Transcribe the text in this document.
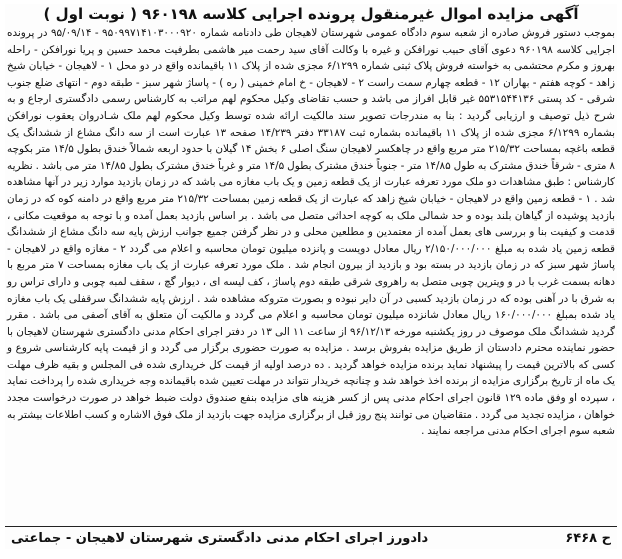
آگهی مزایده اموال غیرمنقول پرونده اجرایی کلاسه ۹۶۰۱۹۸ ( نوبت اول )

بموجب دستور فروش صادره از شعبه سوم دادگاه عمومی شهرستان لاهیجان طی دادنامه شماره ۹۵۰۹۹۷۱۴۱۰۳۰۰۰۹۲۰ - ۹۵/۰۹/۱۴ در پرونده اجرایی کلاسه ۹۶۰۱۹۸ دعوی آقای حبیب نورافکن و غیره با وکالت آقای سید رحمت میر هاشمی بطرفیت محمد حسین و پریا نورافکن - راحله بهروز و مکرم محتشمی به خواسته فروش پلاک ثبتی شماره ۶/۱۲۹۹ مجزی شده از پلاک ۱۱ باقیمانده واقع در دو محل ۱ - لاهیجان - خیابان شیخ زاهد - کوچه هفتم - بهاران ۱۲ - قطعه چهارم سمت راست ۲ - لاهیجان - خ امام خمینی ( ره ) - پاساژ شهر سبز - طبقه دوم - انتهای ضلع جنوب شرقی - کد پستی ۵۵۳۱۵۴۴۱۳۶ غیر قابل افراز می باشد و حسب تقاضای وکیل محکوم لهم مراتب به کارشناس رسمی دادگستری ارجاع و به شرح ذیل توصیف و ارزیابی گردید : بنا به مندرجات تصویر سند مالکیت ارائه شده توسط وکیل محکوم لهم ملک شـادروان یعقوب نورافکن بشماره ۶/۱۲۹۹ مجزی شده از پلاک ۱۱ باقیمانده بشماره ثبت ۳۳۱۸۷ دفتر ۱۴/۲۳۹ صفحه ۱۳ عبارت است از سه دانگ مشاع از ششدانگ یک قطعه باغچه بمساحت ۲۱۵/۳۲ متر مربع واقع در چاهکسر لاهیجان سنگ اصلی ۶ بخش ۱۴ گیلان با حدود اربعه شمالاً خندق بطول ۱۴/۵ متر بکوچه ۸ متری - شرقاً خندق مشترک به طول ۱۴/۸۵ متر - جنوباً خندق مشترک بطول ۱۴/۵ متر و غرباً خندق مشترک بطول ۱۴/۸۵ متر می باشد . نظریه کارشناس : طبق مشاهدات دو ملک مورد تعرفه عبارت از یک قطعه زمین و یک باب مغازه می باشد که در زمان بازدید موارد زیر در آنها مشاهده شد . ۱ - قطعه زمین واقع در لاهیجان - خیابان شیخ زاهد که عبارت از یک قطعه زمین بمساحت ۲۱۵/۳۲ متر مربع واقع در دامنه کوه که در زمان بازدید پوشیده از گیاهان بلند بوده و حد شمالی ملک به کوچه احداثی متصل می باشد . بر اساس بازدید بعمل آمده و با توجه به موقعیت مکانی ، قدمت و کیفیت بنا و بررسی های بعمل آمده از معتمدین و مطلعین محلی و در نظر گرفتن جمیع جوانب ارزش پایه سه دانگ مشاع از ششدانگ قطعه زمین یاد شده به مبلغ ۲/۱۵۰/۰۰۰/۰۰۰ ریال معادل دویست و پانزده میلیون تومان محاسبه و اعلام می گردد ۲ - مغازه واقع در لاهیجان - پاساژ شهر سبز که در زمان بازدید در بسته بود و بازدید از بیرون انجام شد . ملک مورد تعرفه عبارت از یک باب مغازه بمساحت ۷ متر مربع با دهانه بسمت غرب با در و ویترین چوبی متصل به راهروی شرقی طبقه دوم پاساژ ، کف لیسه ای ، دیوار گچ ، سقف لمبه چوبی و دارای تراس رو به شرق با در آهنی بوده که در زمان بازدید کسبی در آن دایر نبوده و بصورت متروکه مشاهده شد . ارزش پایه ششدانگ سرقفلی یک باب مغازه یاد شده بمبلغ ۱۶۰/۰۰۰/۰۰۰ ریال معادل شانزده میلیون تومان محاسبه و اعلام می گردد و مالکیت آن متعلق به آقای آصفی می باشد . مقرر گردید ششدانگ ملک موصوف در روز یکشنبه مورخه ۹۶/۱۲/۱۳ از ساعت ۱۱ الی ۱۳ در دفتر اجرای احکام مدنی دادگستری شهرستان لاهیجان با حضور نماینده محترم دادستان از طریق مزایده بفروش برسد . مزایده به صورت حضوری برگزار می گردد و از قیمت پایه کارشناسی شروع و کسی که بالاترین قیمت را پیشنهاد نماید برنده مزایده خواهد گردید . ده درصد اولیه از قیمت کل خریداری شده فی المجلس و بقیه ظرف مهلت یک ماه از تاریخ برگزاری مزایده از برنده اخذ خواهد شد و چنانچه خریدار نتواند در مهلت تعیین شده باقیمانده وجه خریداری شده را پرداخت نماید ، سپرده او وفق ماده ۱۲۹ قانون اجرای احکام مدنی پس از کسر هزینه های مزایده بنفع صندوق دولت ضبط خواهد در صورت درخواست مجدد خواهان ، مزایده تجدید می گردد . متقاضیان می توانند پنج روز قبل از برگزاری مزایده جهت بازدید از ملک فوق الاشاره و کسب اطلاعات بیشتر به شعبه سوم اجرای احکام مدنی مراجعه نمایند .

ح ۶۴۶۸
دادورز اجرای احکام مدنی دادگستری شهرستان لاهیجان - جماعتی
